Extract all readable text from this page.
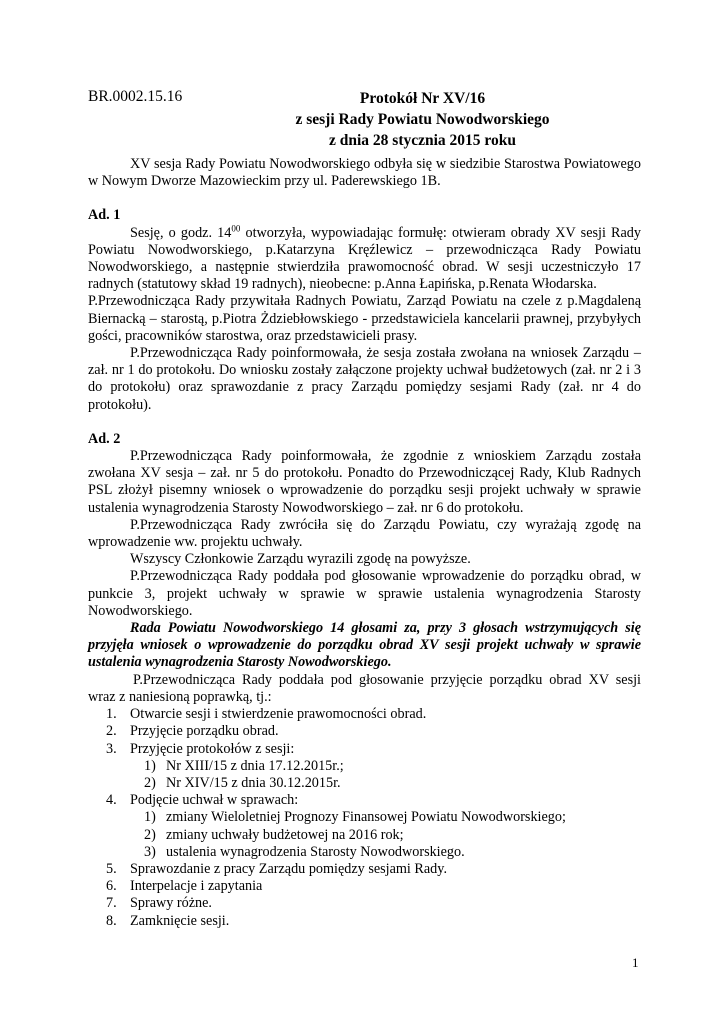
BR.0002.15.16	Protokół Nr XV/16
z sesji Rady Powiatu Nowodworskiego
z dnia 28 stycznia 2015 roku

XV sesja Rady Powiatu Nowodworskiego odbyła się w siedzibie Starostwa Powiatowego w Nowym Dworze Mazowieckim przy ul. Paderewskiego 1B.

Ad. 1

Sesję, o godz. $14^{00}$ otworzyła, wypowiadając formułę: otwieram obrady XV sesji Rady Powiatu Nowodworskiego, p.Katarzyna Kręźlewicz – przewodnicząca Rady Powiatu Nowodworskiego, a następnie stwierdziła prawomocność obrad. W sesji uczestniczyło 17 radnych (statutowy skład 19 radnych), nieobecne: p.Anna Łapińska, p.Renata Włodarska.

P.Przewodnicząca Rady przywitała Radnych Powiatu, Zarząd Powiatu na czele z p.Magdaleną Biernacką – starostą, p.Piotra Żdziebłowskiego - przedstawiciela kancelarii prawnej, przybyłych gości, pracowników starostwa, oraz przedstawicieli prasy.

P.Przewodnicząca Rady poinformowała, że sesja została zwołana na wniosek Zarządu – zał. nr 1 do protokołu. Do wniosku zostały załączone projekty uchwał budżetowych (zał. nr 2 i 3 do protokołu) oraz sprawozdanie z pracy Zarządu pomiędzy sesjami Rady (zał. nr 4 do protokołu).

Ad. 2

P.Przewodnicząca Rady poinformowała, że zgodnie z wnioskiem Zarządu została zwołana XV sesja – zał. nr 5 do protokołu. Ponadto do Przewodniczącej Rady, Klub Radnych PSL złożył pisemny wniosek o wprowadzenie do porządku sesji projekt uchwały w sprawie ustalenia wynagrodzenia Starosty Nowodworskiego – zał. nr 6 do protokołu.

P.Przewodnicząca Rady zwróciła się do Zarządu Powiatu, czy wyrażają zgodę na wprowadzenie ww. projektu uchwały.

Wszyscy Członkowie Zarządu wyrazili zgodę na powyższe.

P.Przewodnicząca Rady poddała pod głosowanie wprowadzenie do porządku obrad, w punkcie 3, projekt uchwały w sprawie w sprawie ustalenia wynagrodzenia Starosty Nowodworskiego.

Rada Powiatu Nowodworskiego 14 głosami za, przy 3 głosach wstrzymujących się przyjęła wniosek o wprowadzenie do porządku obrad XV sesji projekt uchwały w sprawie ustalenia wynagrodzenia Starosty Nowodworskiego.

P.Przewodnicząca Rady poddała pod głosowanie przyjęcie porządku obrad XV sesji wraz z naniesioną poprawką, tj.:

1. Otwarcie sesji i stwierdzenie prawomocności obrad.
2. Przyjęcie porządku obrad.
3. Przyjęcie protokołów z sesji:
1) Nr XIII/15 z dnia 17.12.2015r.;
2) Nr XIV/15 z dnia 30.12.2015r.
4. Podjęcie uchwał w sprawach:
1) zmiany Wieloletniej Prognozy Finansowej Powiatu Nowodworskiego;
2) zmiany uchwały budżetowej na 2016 rok;
3) ustalenia wynagrodzenia Starosty Nowodworskiego.
5. Sprawozdanie z pracy Zarządu pomiędzy sesjami Rady.
6. Interpelacje i zapytania
7. Sprawy różne.
8. Zamknięcie sesji.
1
